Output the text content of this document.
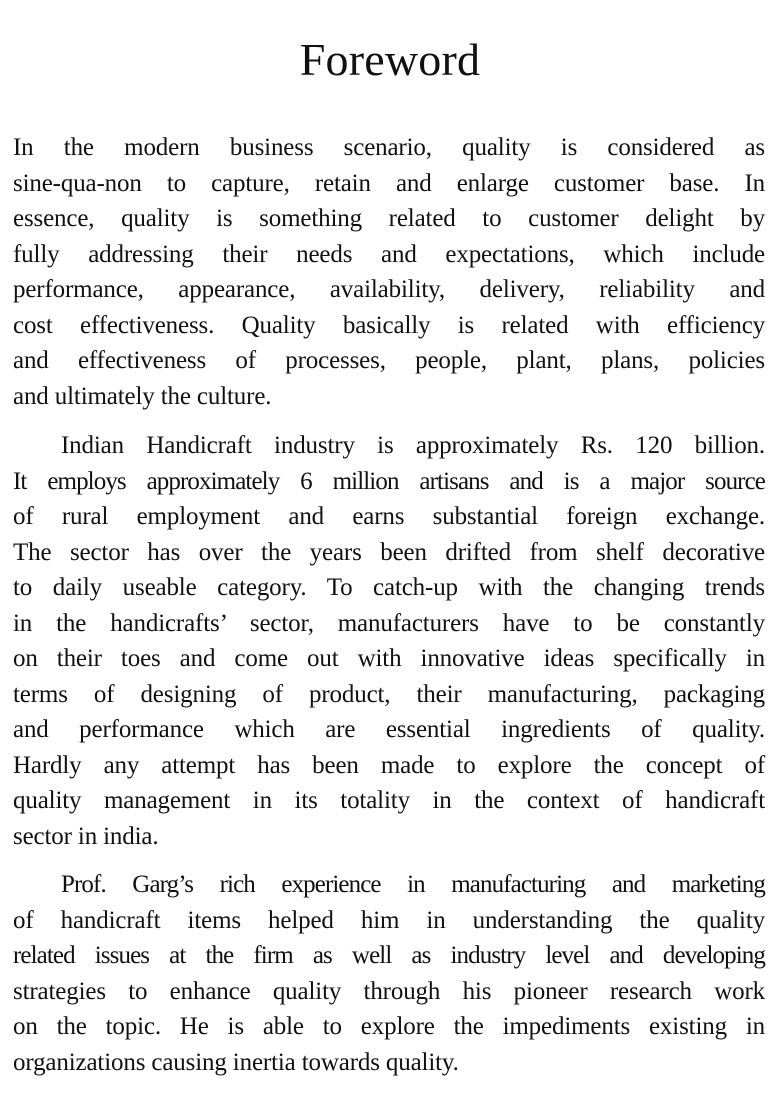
Foreword
In the modern business scenario, quality is considered as
sine-qua-non to capture, retain and enlarge customer base. In
essence, quality is something related to customer delight by
fully addressing their needs and expectations, which include
performance, appearance, availability, delivery, reliability and
cost effectiveness. Quality basically is related with efficiency
and effectiveness of processes, people, plant, plans, policies
and ultimately the culture.
Indian Handicraft industry is approximately Rs. 120 billion.
It employs approximately 6 million artisans and is a major source
of rural employment and earns substantial foreign exchange.
The sector has over the years been drifted from shelf decorative
to daily useable category. To catch-up with the changing trends
in the handicrafts’ sector, manufacturers have to be constantly
on their toes and come out with innovative ideas specifically in
terms of designing of product, their manufacturing, packaging
and performance which are essential ingredients of quality.
Hardly any attempt has been made to explore the concept of
quality management in its totality in the context of handicraft
sector in india.
Prof. Garg’s rich experience in manufacturing and marketing
of handicraft items helped him in understanding the quality
related issues at the firm as well as industry level and developing
strategies to enhance quality through his pioneer research work
on the topic. He is able to explore the impediments existing in
organizations causing inertia towards quality.
